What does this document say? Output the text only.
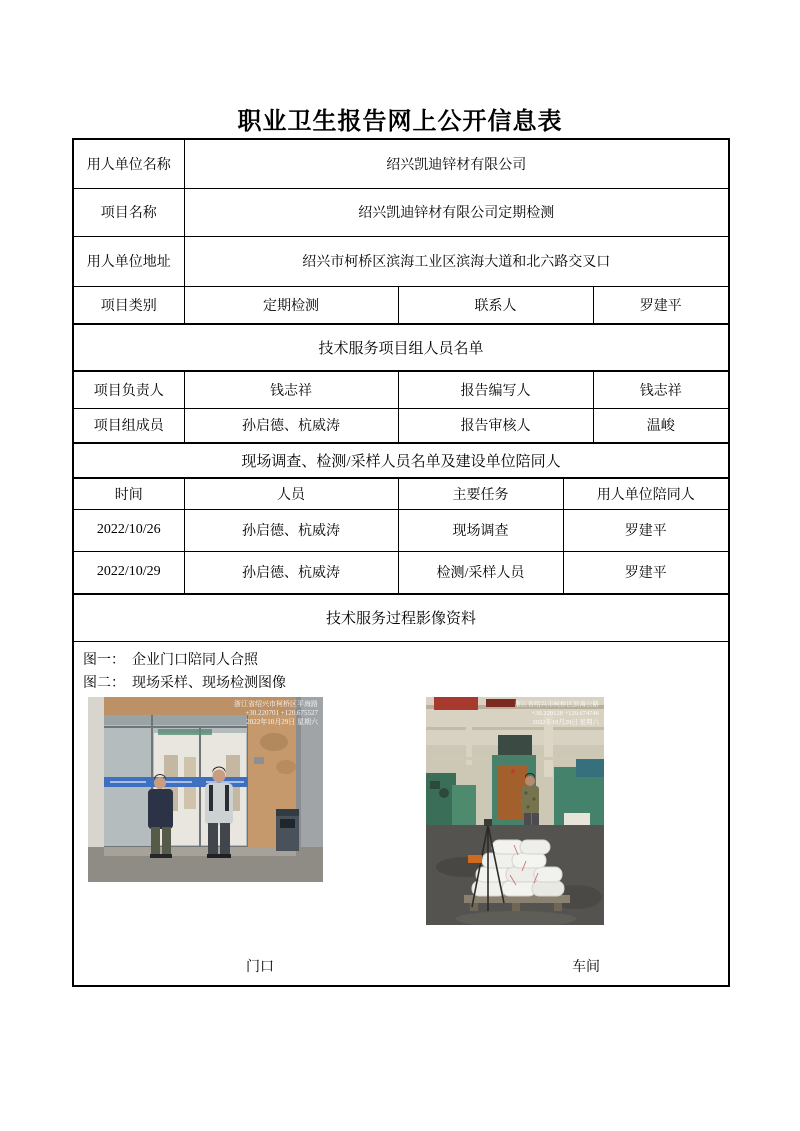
职业卫生报告网上公开信息表
用人单位名称	绍兴凯迪锌材有限公司			
项目名称	绍兴凯迪锌材有限公司定期检测			
用人单位地址	绍兴市柯桥区滨海工业区滨海大道和北六路交叉口			
项目类别	定期检测	联系人		罗建平
技术服务项目组人员名单				
项目负责人	钱志祥	报告编写人		钱志祥
项目组成员	孙启德、杭威涛	报告审核人		温峻
现场调查、检测/采样人员名单及建设单位陪同人				
时间	人员	主要任务	用人单位陪同人	
2022/10/26	孙启德、杭威涛	现场调查	罗建平	
2022/10/29	孙启德、杭威涛	检测/采样人员	罗建平	
技术服务过程影像资料				

图一：  企业门口陪同人合照
图二：  现场采样、现场检测图像
浙江省绍兴市柯桥区平海路
+30.220701 +120.675527
2022年10月29日 星期六
浙江省绍兴市柯桥区滨海公路
+30.220128 +120.674746
2022年10月29日 星期六
门口	车间
